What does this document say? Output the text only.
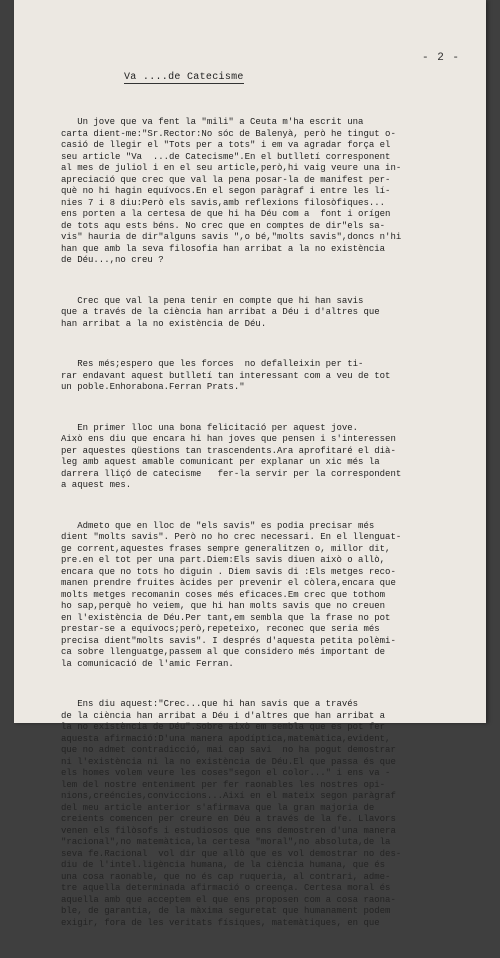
- 2 -
Va ....de Catecisme

Un jove que va fent la "mili" a Ceuta m'ha escrit una
carta dient-me:"Sr.Rector:No sóc de Balenyà, però he tingut o-
casió de llegir el "Tots per a tots" i em va agradar força el
seu article "Va  ...de Catecisme".En el butlletí corresponent
al mes de juliol i en el seu article,però,hi vaig veure una in-
apreciació que crec que val la pena posar-la de manifest per-
què no hi hagin equívocs.En el segon paràgraf i entre les lí-
nies 7 i 8 diu:Però els savis,amb reflexions filosòfiques...
ens porten a la certesa de que hi ha Déu com a  font i orígen
de tots aqu ests béns. No crec que en comptes de dir"els sa-
vis" hauria de dir"alguns savis ",o bé,"molts savis",doncs n'hi
han que amb la seva filosofia han arribat a la no existència
de Déu...,no creu ?

Crec que val la pena tenir en compte que hi han savis
que a través de la ciència han arribat a Déu i d'altres que
han arribat a la no existència de Déu.

Res més;espero que les forces  no defalleixin per ti-
rar endavant aquest butlletí tan interessant com a veu de tot
un poble.Enhorabona.Ferran Prats."

En primer lloc una bona felicitació per aquest jove.
Això ens diu que encara hi han joves que pensen i s'interessen
per aquestes qüestions tan trascendents.Ara aprofitaré el dià-
leg amb aquest amable comunicant per explanar un xic més la
darrera lliçó de catecisme   fer-la servir per la correspondent
a aquest mes.

Admeto que en lloc de "els savis" es podia precisar més
dient "molts savis". Però no ho crec necessari. En el llenguat-
ge corrent,aquestes frases sempre generalitzen o, millor dit,
pre.en el tot per una part.Diem:Els savis diuen això o allò,
encara que no tots ho diguin . Diem savis di :Els metges reco-
manen prendre fruites àcides per prevenir el còlera,encara que
molts metges recomanin coses més eficaces.Em crec que tothom
ho sap,perquè ho veiem, que hi han molts savis que no creuen
en l'existència de Déu.Per tant,em sembla que la frase no pot
prestar-se a equívocs;però,repeteixo, reconec que seria més
precisa dient"molts savis". I després d'aquesta petita polèmi-
ca sobre llenguatge,passem al que considero més important de
la comunicació de l'amic Ferran.

Ens diu aquest:"Crec...que hi han savis que a través
de la ciència han arribat a Déu i d'altres que han arribat a
la no existència de Déu".Sobre això em sembla que es pot fer
aquesta afirmació:D'una manera apodíptica,matemàtica,evident,
que no admet contradicció, mai cap savi  no ha pogut demostrar
ni l'existència ni la no existència de Déu.El que passa és que
els homes volem veure les coses"segon el color..." i ens va -
lem del nostre enteniment per fer raonables les nostres opi-
nions,creéncies,conviccions...Així en el mateix segon paràgraf
del meu article anterior s'afirmava que la gran majoria de
creients comencen per creure en Déu a través de la fe. Llavors
venen els filòsofs i estudiosos que ens demostren d'una manera
"racional",no matemàtica,la certesa "moral",no absoluta,de la
seva fe.Racional  vol dir que allò que es vol demostrar no des-
diu de l'intel.ligència humana, de la ciència humana, que és
una cosa raonable, que no és cap ruqueria, al contrari, adme-
tre aquella determinada afirmació o creença. Certesa moral és
aquella amb que acceptem el que ens proposen com a cosa raona-
ble, de garantia, de la màxima seguretat que humanament podem
exigir, fora de les veritats físiques, matemàtiques, en que
